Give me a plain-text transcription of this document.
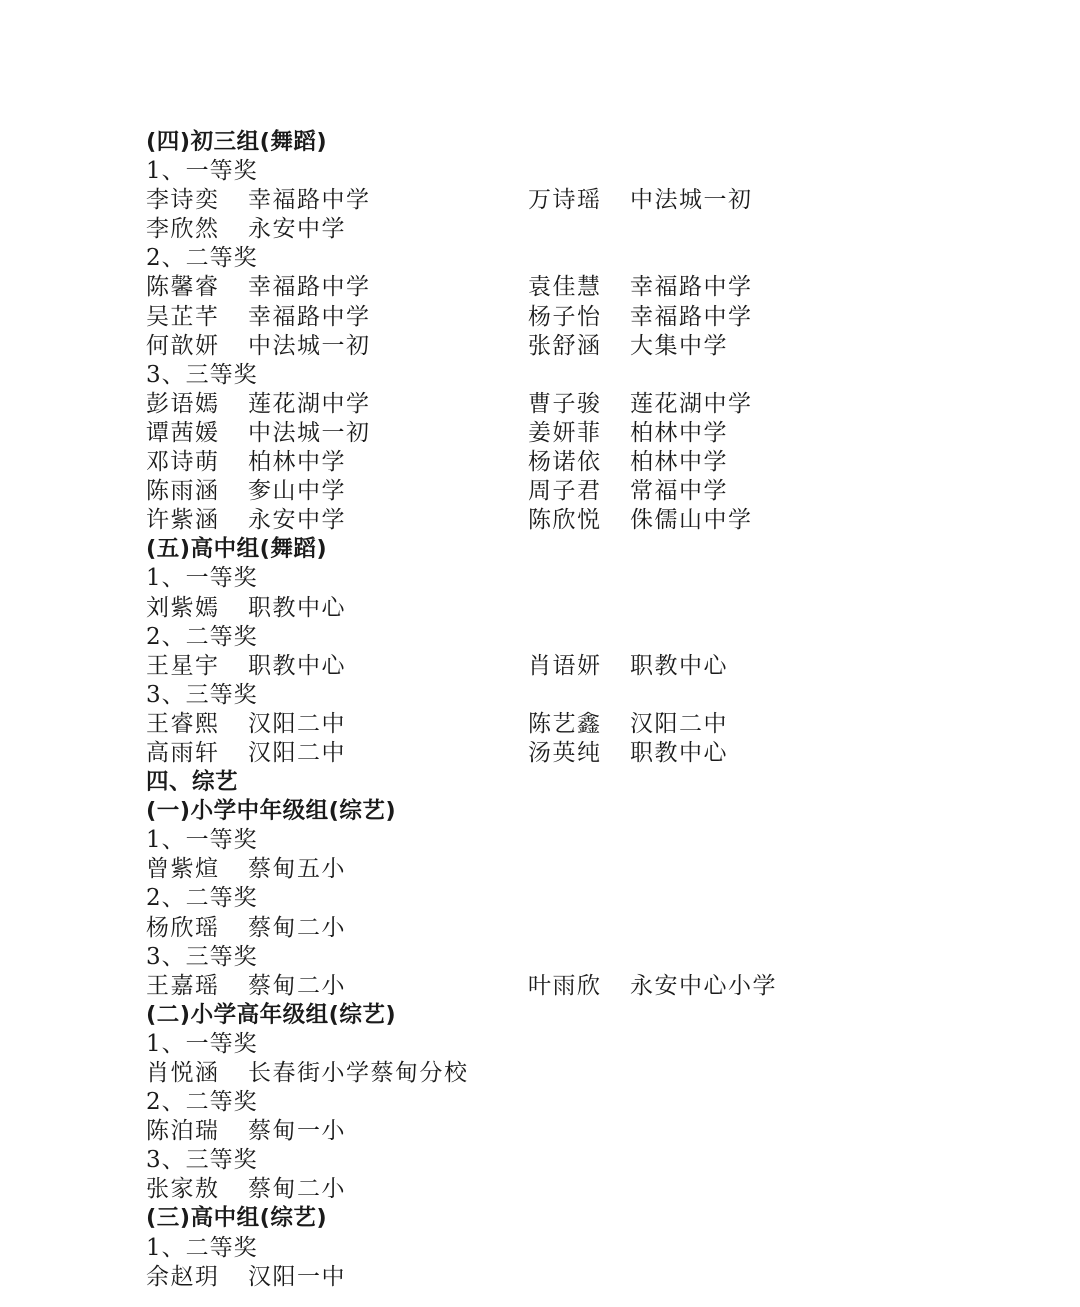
(四)初三组(舞蹈)
1、一等奖
李诗奕 幸福路中学	万诗瑶 中法城一初
李欣然 永安中学
2、二等奖
陈馨睿 幸福路中学	袁佳慧 幸福路中学
吴芷芊 幸福路中学	杨子怡 幸福路中学
何歆妍 中法城一初	张舒涵 大集中学
3、三等奖
彭语嫣 莲花湖中学	曹子骏 莲花湖中学
谭茜媛 中法城一初	姜妍菲 柏林中学
邓诗萌 柏林中学	杨诺依 柏林中学
陈雨涵 奓山中学	周子君 常福中学
许紫涵 永安中学	陈欣悦 侏儒山中学
(五)高中组(舞蹈)
1、一等奖
刘紫嫣 职教中心
2、二等奖
王星宇 职教中心	肖语妍 职教中心
3、三等奖
王睿熙 汉阳二中	陈艺鑫 汉阳二中
高雨轩 汉阳二中	汤英纯 职教中心
四、综艺
(一)小学中年级组(综艺)
1、一等奖
曾紫煊 蔡甸五小
2、二等奖
杨欣瑶 蔡甸二小
3、三等奖
王嘉瑶 蔡甸二小	叶雨欣 永安中心小学
(二)小学高年级组(综艺)
1、一等奖
肖悦涵 长春街小学蔡甸分校
2、二等奖
陈泊瑞 蔡甸一小
3、三等奖
张家敖 蔡甸二小
(三)高中组(综艺)
1、二等奖
余赵玥 汉阳一中
